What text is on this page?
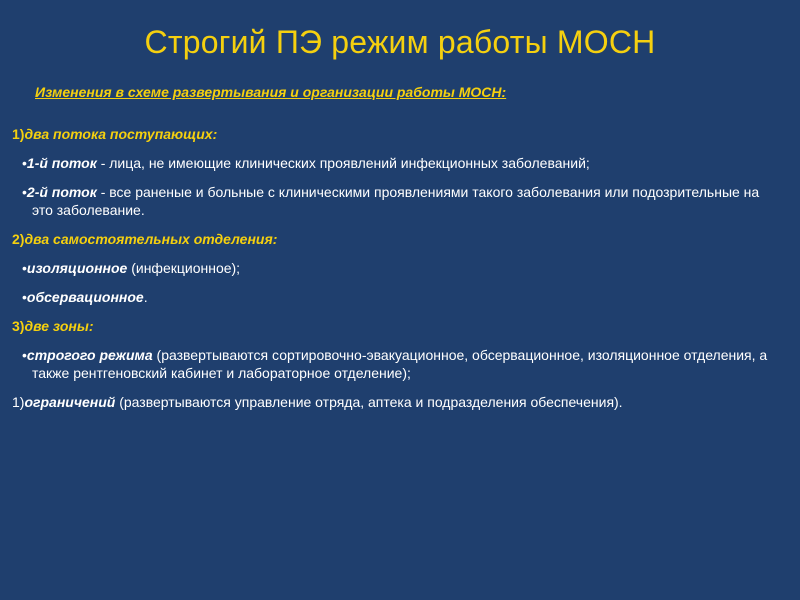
Строгий ПЭ режим работы МОСН
Изменения в схеме развертывания и организации работы МОСН:
1)два потока поступающих:
•1-й поток - лица, не имеющие клинических проявлений инфекционных заболеваний;
•2-й поток - все раненые и больные с клиническими проявлениями такого заболевания или подозрительные на это заболевание.
2)два самостоятельных отделения:
•изоляционное (инфекционное);
•обсервационное.
3)две зоны:
•строгого режима (развертываются сортировочно-эвакуационное, обсервационное, изоляционное отделения, а также рентгеновский кабинет и лабораторное отделение);
1)ограничений (развертываются управление отряда, аптека и подразделения обеспечения).
